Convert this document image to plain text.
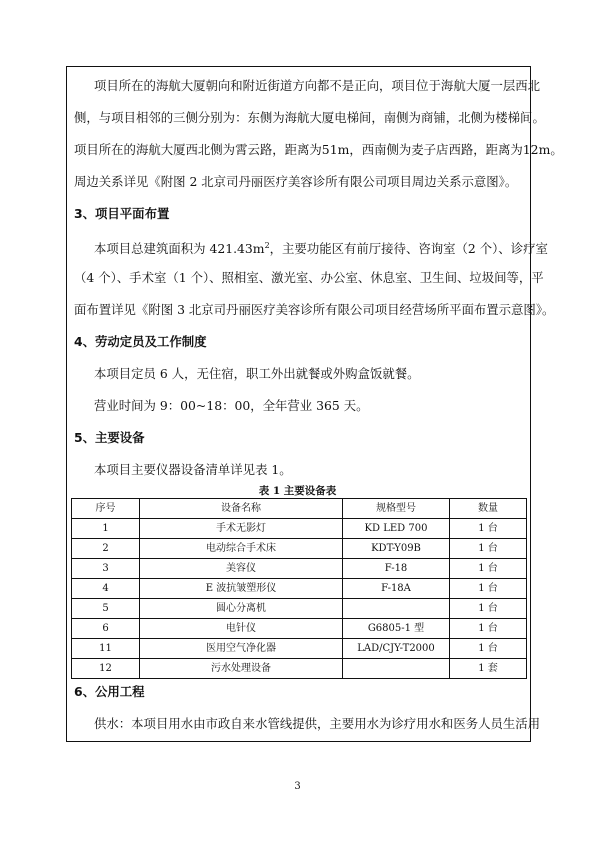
项目所在的海航大厦朝向和附近街道方向都不是正向，项目位于海航大厦一层西北
侧，与项目相邻的三侧分别为：东侧为海航大厦电梯间，南侧为商铺，北侧为楼梯间。
项目所在的海航大厦西北侧为霄云路，距离为51m，西南侧为麦子店西路，距离为12m。
周边关系详见《附图 2 北京司丹丽医疗美容诊所有限公司项目周边关系示意图》。
3、项目平面布置
本项目总建筑面积为 $421.43m^2$，主要功能区有前厅接待、咨询室（2 个）、诊疗室
（4 个）、手术室（1 个）、照相室、激光室、办公室、休息室、卫生间、垃圾间等，平
面布置详见《附图 3 北京司丹丽医疗美容诊所有限公司项目经营场所平面布置示意图》。
4、劳动定员及工作制度
本项目定员 6 人，无住宿，职工外出就餐或外购盒饭就餐。
营业时间为 9：00~18：00，全年营业 365 天。
5、主要设备
本项目主要仪器设备清单详见表 1。
表 1 主要设备表
序号	设备名称	规格型号	数量
1	手术无影灯	KD LED 700	1 台
2	电动综合手术床	KDT-Y09B	1 台
3	美容仪	F-18	1 台
4	E 波抗皱塑形仪	F-18A	1 台
5	圆心分离机		1 台
6	电针仪	G6805-1 型	1 台
11	医用空气净化器	LAD/CJY-T2000	1 台
12	污水处理设备		1 套
6、公用工程
供水：本项目用水由市政自来水管线提供，主要用水为诊疗用水和医务人员生活用
3
